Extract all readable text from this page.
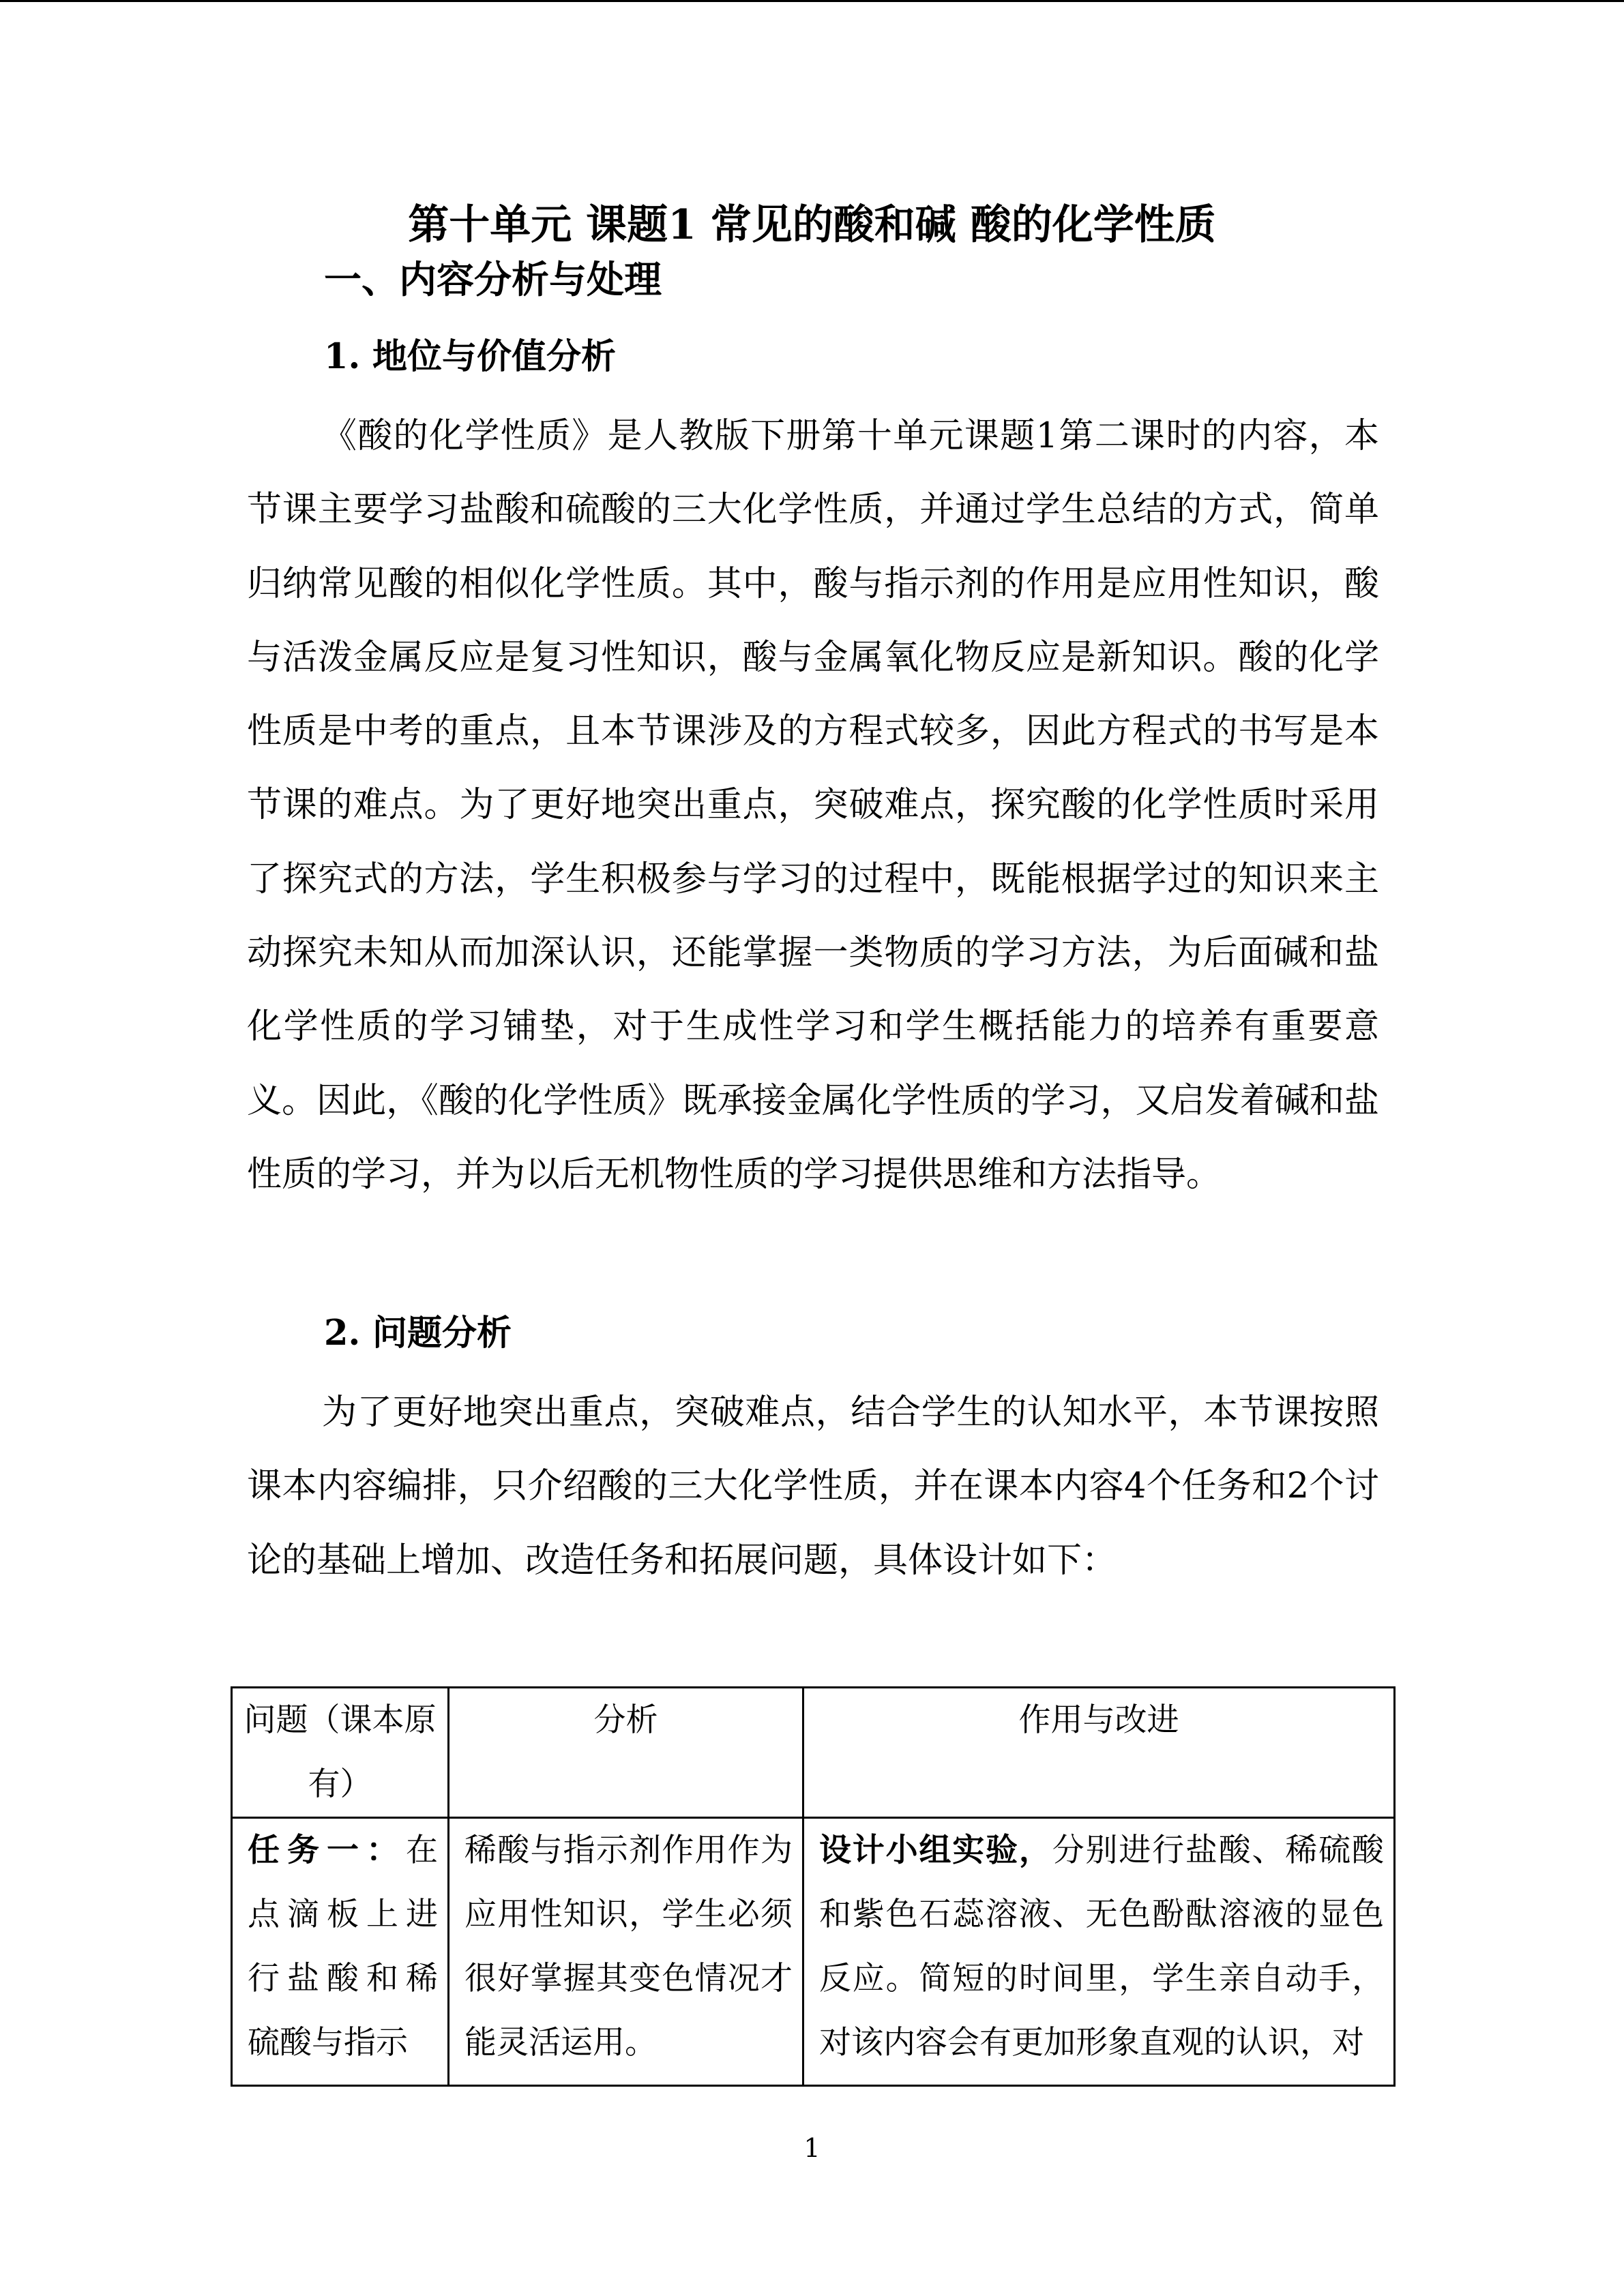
第十单元 课题1 常见的酸和碱 酸的化学性质
一、内容分析与处理
1. 地位与价值分析

《酸的化学性质》是人教版下册第十单元课题1第二课时的内容，本节课主要学习盐酸和硫酸的三大化学性质，并通过学生总结的方式，简单归纳常见酸的相似化学性质。其中，酸与指示剂的作用是应用性知识，酸与活泼金属反应是复习性知识，酸与金属氧化物反应是新知识。酸的化学性质是中考的重点，且本节课涉及的方程式较多，因此方程式的书写是本节课的难点。为了更好地突出重点，突破难点，探究酸的化学性质时采用了探究式的方法，学生积极参与学习的过程中，既能根据学过的知识来主动探究未知从而加深认识，还能掌握一类物质的学习方法，为后面碱和盐化学性质的学习铺垫，对于生成性学习和学生概括能力的培养有重要意义。因此，《酸的化学性质》既承接金属化学性质的学习，又启发着碱和盐性质的学习，并为以后无机物性质的学习提供思维和方法指导。

2. 问题分析

为了更好地突出重点，突破难点，结合学生的认知水平，本节课按照课本内容编排，只介绍酸的三大化学性质，并在课本内容4个任务和2个讨论的基础上增加、改造任务和拓展问题，具体设计如下：

问题（课本原有）	分析	作用与改进
任务一：在点滴板上进行盐酸和稀硫酸与指示	稀酸与指示剂作用作为应用性知识，学生必须很好掌握其变色情况才能灵活运用。	设计小组实验，分别进行盐酸、稀硫酸和紫色石蕊溶液、无色酚酞溶液的显色反应。简短的时间里，学生亲自动手，对该内容会有更加形象直观的认识，对
1
